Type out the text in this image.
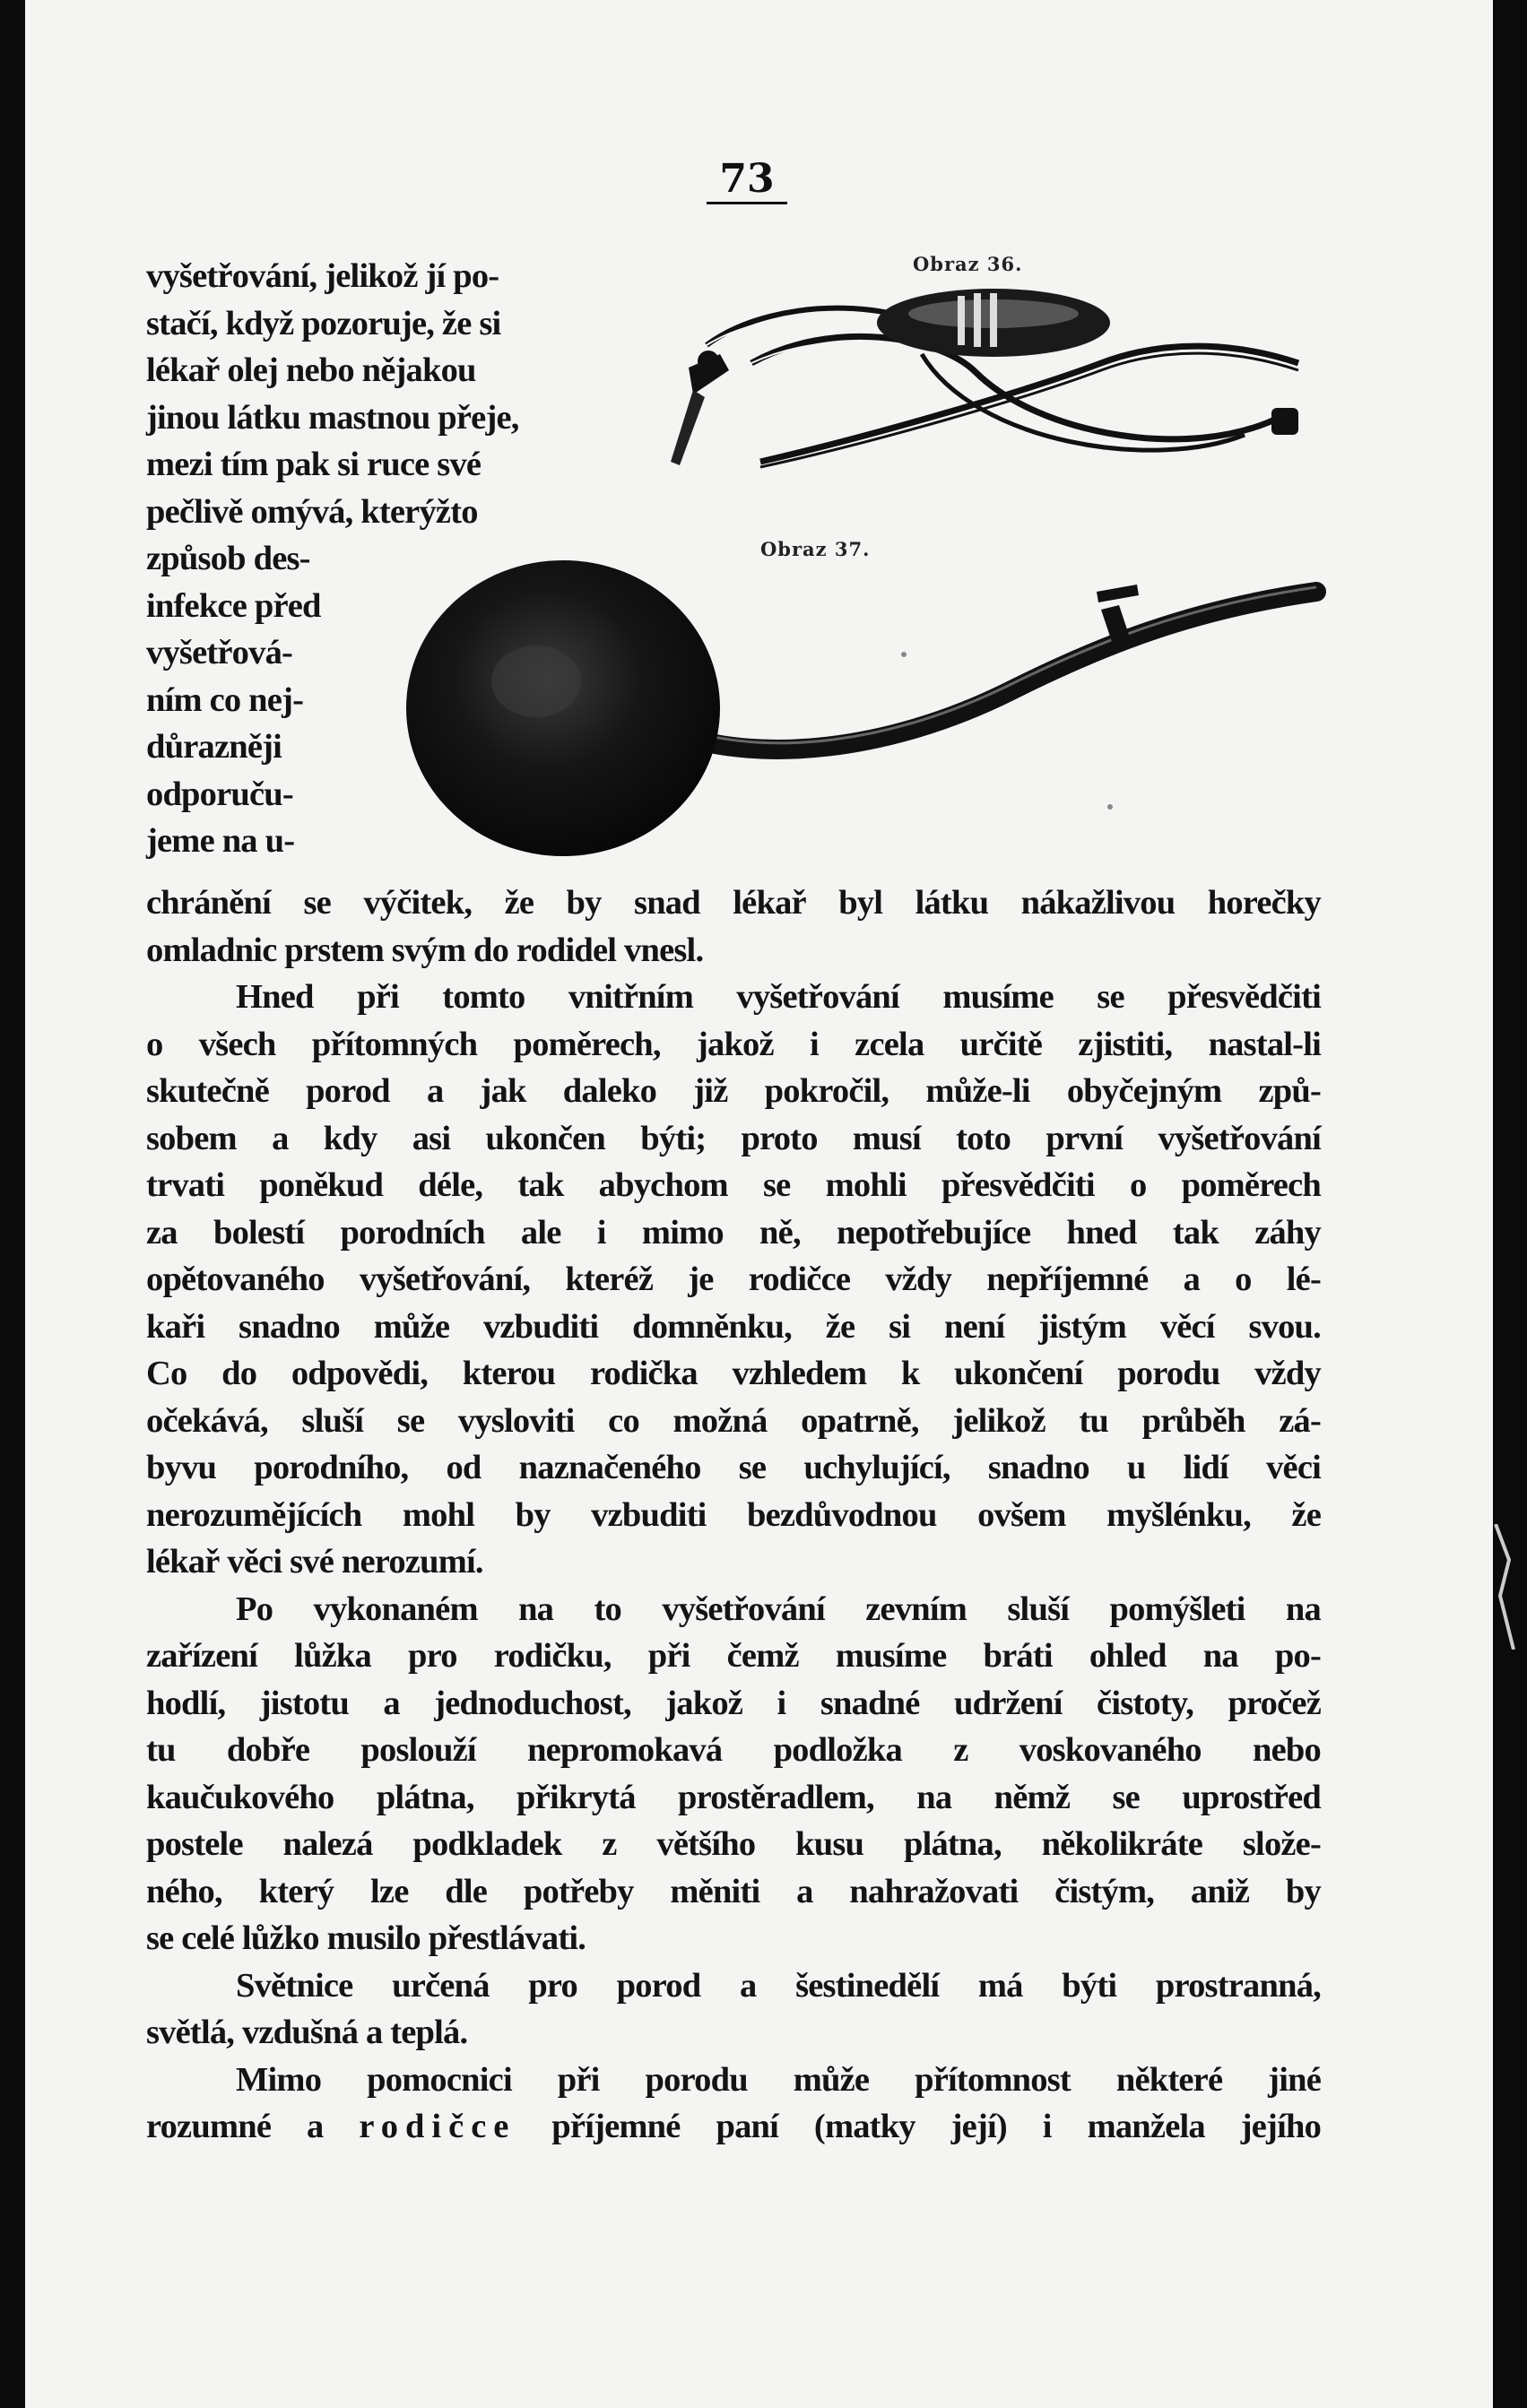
73
Obraz 36.
Obraz 37.
vyšetřování, jelikož jí po-
stačí, když pozoruje, že si
lékař olej nebo nějakou
jinou látku mastnou přeje,
mezi tím pak si ruce své
pečlivě omývá, kterýžto
způsob des-
infekce před
vyšetřová-
ním co nej-
důrazněji
odporuču-
jeme na u-
chránění se výčitek, že by snad lékař byl látku nákažlivou horečky
omladnic prstem svým do rodidel vnesl.
Hned při tomto vnitřním vyšetřování musíme se přesvědčiti
o všech přítomných poměrech, jakož i zcela určitě zjistiti, nastal-li
skutečně porod a jak daleko již pokročil, může-li obyčejným způ-
sobem a kdy asi ukončen býti; proto musí toto první vyšetřování
trvati poněkud déle, tak abychom se mohli přesvědčiti o poměrech
za bolestí porodních ale i mimo ně, nepotřebujíce hned tak záhy
opětovaného vyšetřování, kteréž je rodičce vždy nepříjemné a o lé-
kaři snadno může vzbuditi domněnku, že si není jistým věcí svou.
Co do odpovědi, kterou rodička vzhledem k ukončení porodu vždy
očekává, sluší se vysloviti co možná opatrně, jelikož tu průběh zá-
byvu porodního, od naznačeného se uchylující, snadno u lidí věci
nerozumějících mohl by vzbuditi bezdůvodnou ovšem myšlénku, že
lékař věci své nerozumí.
Po vykonaném na to vyšetřování zevním sluší pomýšleti na
zařízení lůžka pro rodičku, při čemž musíme bráti ohled na po-
hodlí, jistotu a jednoduchost, jakož i snadné udržení čistoty, pročež
tu dobře poslouží nepromokavá podložka z voskovaného nebo
kaučukového plátna, přikrytá prostěradlem, na němž se uprostřed
postele nalezá podkladek z většího kusu plátna, několikráte slože-
ného, který lze dle potřeby měniti a nahražovati čistým, aniž by
se celé lůžko musilo přestlávati.
Světnice určená pro porod a šestinedělí má býti prostranná,
světlá, vzdušná a teplá.
Mimo pomocnici při porodu může přítomnost některé jiné
rozumné a rodičce příjemné paní (matky její) i manžela jejího
